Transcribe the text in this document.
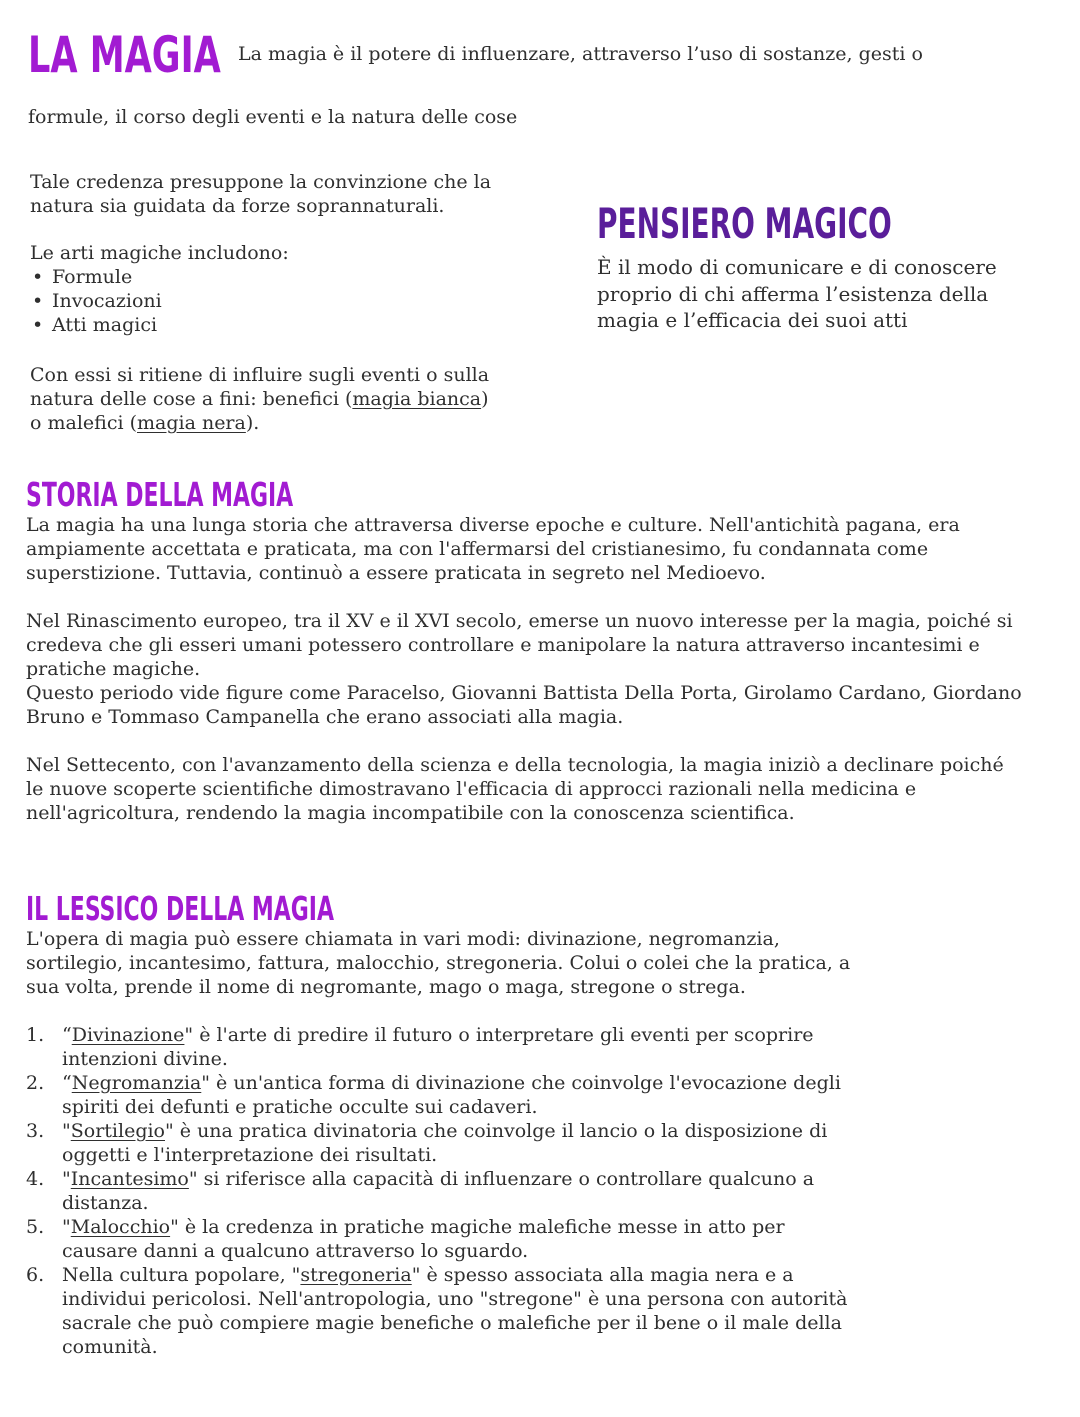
LA MAGIA La magia è il potere di influenzare, attraverso l’uso di sostanze, gesti o
formule, il corso degli eventi e la natura delle cose

Tale credenza presuppone la convinzione che la natura sia guidata da forze soprannaturali.

Le arti magiche includono:

• Formule
• Invocazioni
• Atti magici

Con essi si ritiene di influire sugli eventi o sulla natura delle cose a fini: benefici (magia bianca) o malefici (magia nera).

PENSIERO MAGICO

È il modo di comunicare e di conoscere proprio di chi afferma l’esistenza della magia e l’efficacia dei suoi atti

STORIA DELLA MAGIA

La magia ha una lunga storia che attraversa diverse epoche e culture. Nell'antichità pagana, era ampiamente accettata e praticata, ma con l'affermarsi del cristianesimo, fu condannata come superstizione. Tuttavia, continuò a essere praticata in segreto nel Medioevo.

Nel Rinascimento europeo, tra il XV e il XVI secolo, emerse un nuovo interesse per la magia, poiché si credeva che gli esseri umani potessero controllare e manipolare la natura attraverso incantesimi e pratiche magiche.

Questo periodo vide figure come Paracelso, Giovanni Battista Della Porta, Girolamo Cardano, Giordano Bruno e Tommaso Campanella che erano associati alla magia.

Nel Settecento, con l'avanzamento della scienza e della tecnologia, la magia iniziò a declinare poiché le nuove scoperte scientifiche dimostravano l'efficacia di approcci razionali nella medicina e nell'agricoltura, rendendo la magia incompatibile con la conoscenza scientifica.

IL LESSICO DELLA MAGIA

L'opera di magia può essere chiamata in vari modi: divinazione, negromanzia, sortilegio, incantesimo, fattura, malocchio, stregoneria. Colui o colei che la pratica, a sua volta, prende il nome di negromante, mago o maga, stregone o strega.

1. “Divinazione" è l'arte di predire il futuro o interpretare gli eventi per scoprire intenzioni divine.
2. “Negromanzia" è un'antica forma di divinazione che coinvolge l'evocazione degli spiriti dei defunti e pratiche occulte sui cadaveri.
3. "Sortilegio" è una pratica divinatoria che coinvolge il lancio o la disposizione di oggetti e l'interpretazione dei risultati.
4. "Incantesimo" si riferisce alla capacità di influenzare o controllare qualcuno a distanza.
5. "Malocchio" è la credenza in pratiche magiche malefiche messe in atto per causare danni a qualcuno attraverso lo sguardo.
6. Nella cultura popolare, "stregoneria" è spesso associata alla magia nera e a individui pericolosi. Nell'antropologia, uno "stregone" è una persona con autorità sacrale che può compiere magie benefiche o malefiche per il bene o il male della comunità.
